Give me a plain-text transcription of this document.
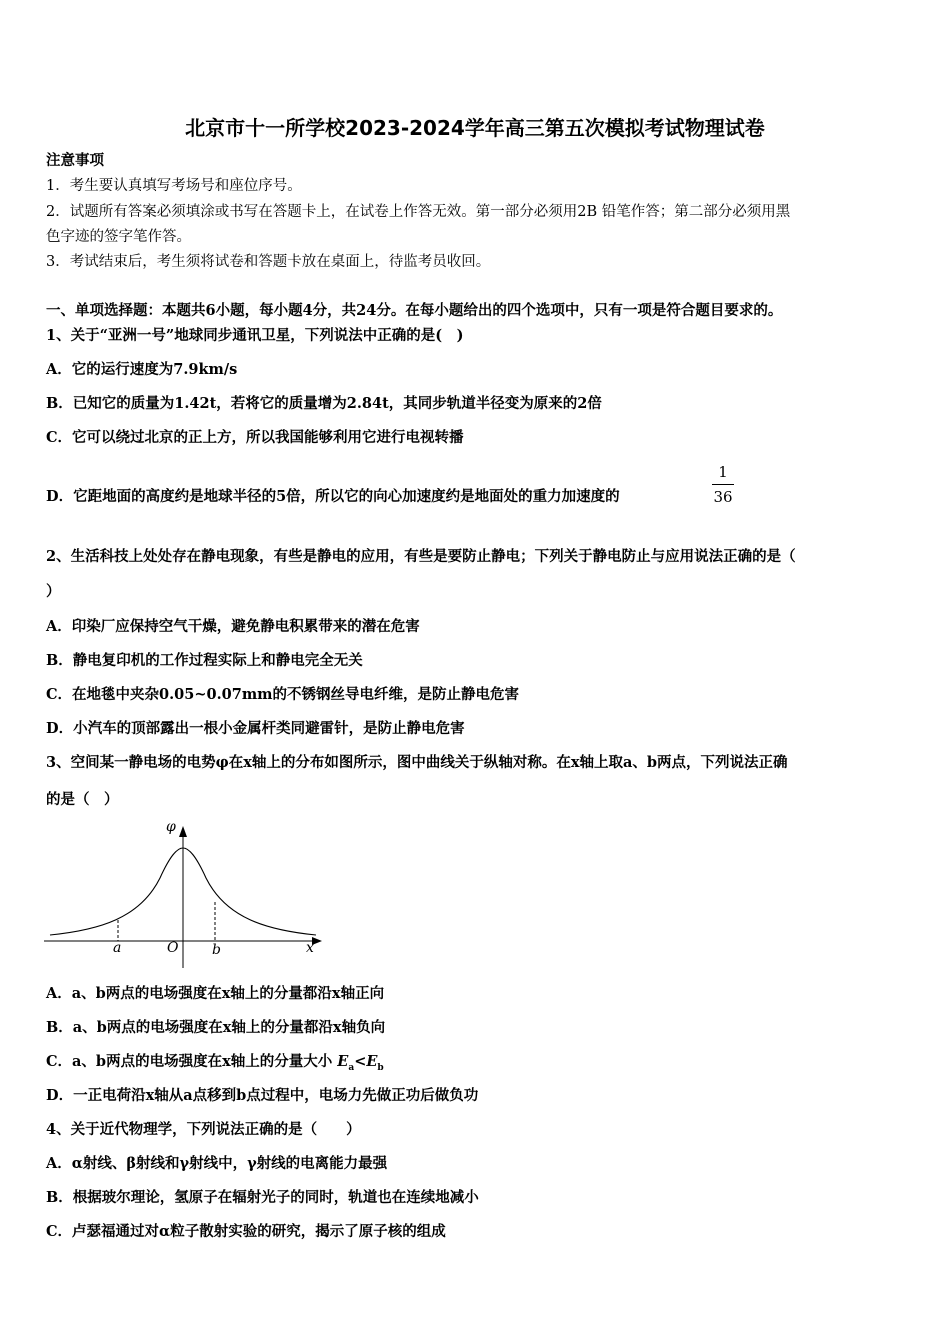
北京市十一所学校2023-2024学年高三第五次模拟考试物理试卷
注意事项
1．考生要认真填写考场号和座位序号。
2．试题所有答案必须填涂或书写在答题卡上，在试卷上作答无效。第一部分必须用2B 铅笔作答；第二部分必须用黑
色字迹的签字笔作答。
3．考试结束后，考生须将试卷和答题卡放在桌面上，待监考员收回。
一、单项选择题：本题共6小题，每小题4分，共24分。在每小题给出的四个选项中，只有一项是符合题目要求的。
1、关于“亚洲一号”地球同步通讯卫星，下列说法中正确的是(　)
A．它的运行速度为7.9km/s
B．已知它的质量为1.42t，若将它的质量增为2.84t，其同步轨道半径变为原来的2倍
C．它可以绕过北京的正上方，所以我国能够利用它进行电视转播
D．它距地面的高度约是地球半径的5倍，所以它的向心加速度约是地面处的重力加速度的
1
36
2、生活科技上处处存在静电现象，有些是静电的应用，有些是要防止静电；下列关于静电防止与应用说法正确的是（
）
A．印染厂应保持空气干燥，避免静电积累带来的潜在危害
B．静电复印机的工作过程实际上和静电完全无关
C．在地毯中夹杂0.05~0.07mm的不锈钢丝导电纤维，是防止静电危害
D．小汽车的顶部露出一根小金属杆类同避雷针，是防止静电危害
3、空间某一静电场的电势φ在x轴上的分布如图所示，图中曲线关于纵轴对称。在x轴上取a、b两点，下列说法正确
的是（　）
φ
x
O
a	b
A．a、b两点的电场强度在x轴上的分量都沿x轴正向
B．a、b两点的电场强度在x轴上的分量都沿x轴负向
C．a、b两点的电场强度在x轴上的分量大小 $E_a<E_b$
D．一正电荷沿x轴从a点移到b点过程中，电场力先做正功后做负功
4、关于近代物理学，下列说法正确的是（　　）
A．α射线、β射线和γ射线中，γ射线的电离能力最强
B．根据玻尔理论，氢原子在辐射光子的同时，轨道也在连续地减小
C．卢瑟福通过对α粒子散射实验的研究，揭示了原子核的组成
